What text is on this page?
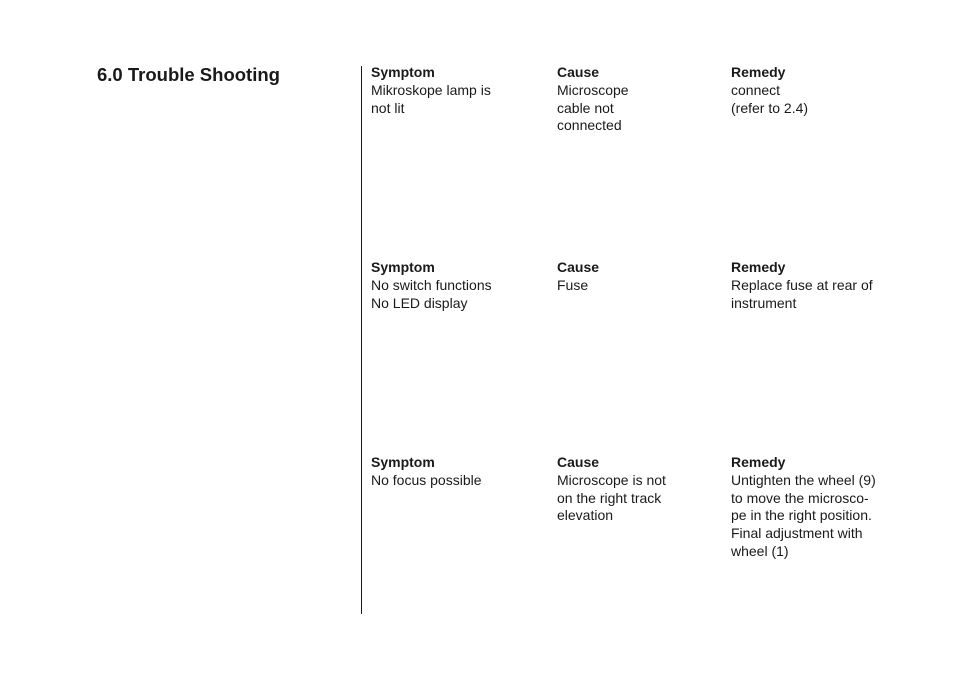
6.0 Trouble Shooting	Symptom
Mikroskope lamp is
not lit
Cause
Microscope
cable not
connected
Remedy
connect
(refer to 2.4)
Symptom
No switch functions
No LED display
Cause
Fuse
Remedy
Replace fuse at rear of
instrument
Symptom
No focus possible
Cause
Microscope is not
on the right track
elevation
Remedy
Untighten the wheel (9)
to move the microsco-
pe in the right position.
Final adjustment with
wheel (1)
